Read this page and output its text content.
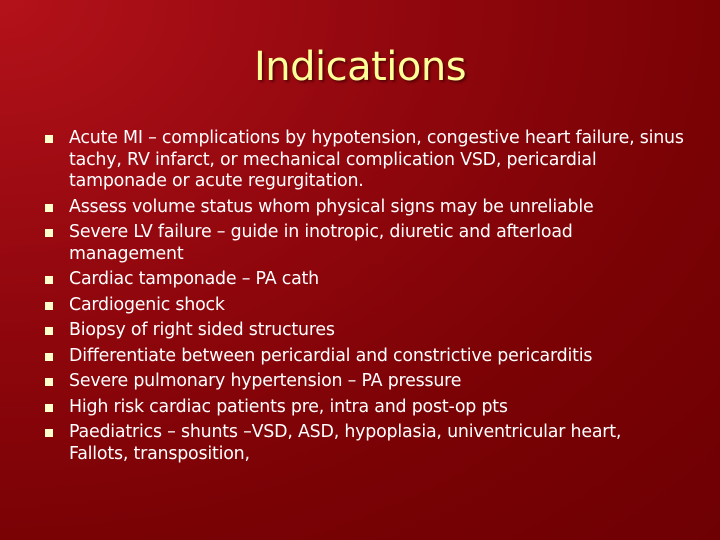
Indications
Acute MI – complications by hypotension, congestive heart failure, sinus tachy, RV infarct, or mechanical complication VSD, pericardial tamponade or acute regurgitation.
Assess volume status whom physical signs may be unreliable
Severe LV failure – guide in inotropic, diuretic and afterload management
Cardiac tamponade – PA cath
Cardiogenic shock
Biopsy of right sided structures
Differentiate between pericardial and constrictive pericarditis
Severe pulmonary hypertension – PA pressure
High risk cardiac patients pre, intra and post-op pts
Paediatrics – shunts –VSD, ASD, hypoplasia, univentricular heart, Fallots, transposition,
